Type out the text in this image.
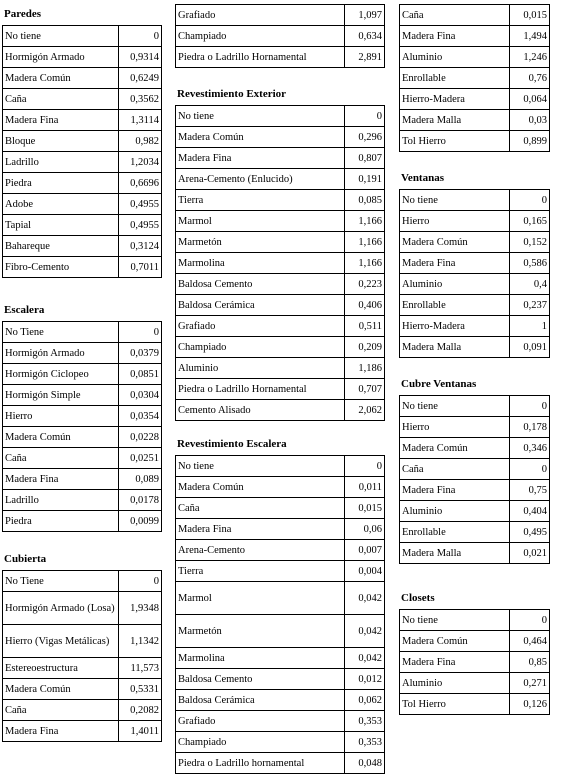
Paredes
No tiene	0
Hormigón Armado	0,9314
Madera Común	0,6249
Caña	0,3562
Madera Fina	1,3114
Bloque	0,982
Ladrillo	1,2034
Piedra	0,6696
Adobe	0,4955
Tapial	0,4955
Bahareque	0,3124
Fibro-Cemento	0,7011
Escalera
No Tiene	0
Hormigón Armado	0,0379
Hormigón Ciclopeo	0,0851
Hormigón Simple	0,0304
Hierro	0,0354
Madera Común	0,0228
Caña	0,0251
Madera Fina	0,089
Ladrillo	0,0178
Piedra	0,0099
Cubierta
No Tiene	0
Hormigón Armado (Losa)	1,9348
Hierro (Vigas Metálicas)	1,1342
Estereoestructura	11,573
Madera Común	0,5331
Caña	0,2082
Madera Fina	1,4011
Grafiado	1,097
Champiado	0,634
Piedra o Ladrillo Hornamental	2,891
Revestimiento Exterior
No tiene	0
Madera Común	0,296
Madera Fina	0,807
Arena-Cemento (Enlucido)	0,191
Tierra	0,085
Marmol	1,166
Marmetón	1,166
Marmolina	1,166
Baldosa Cemento	0,223
Baldosa Cerámica	0,406
Grafiado	0,511
Champiado	0,209
Aluminio	1,186
Piedra o Ladrillo Hornamental	0,707
Cemento Alisado	2,062
Revestimiento Escalera
No tiene	0
Madera Común	0,011
Caña	0,015
Madera Fina	0,06
Arena-Cemento	0,007
Tierra	0,004
Marmol	0,042
Marmetón	0,042
Marmolina	0,042
Baldosa Cemento	0,012
Baldosa Cerámica	0,062
Grafiado	0,353
Champiado	0,353
Piedra o Ladrillo hornamental	0,048
Caña	0,015
Madera Fina	1,494
Aluminio	1,246
Enrollable	0,76
Hierro-Madera	0,064
Madera Malla	0,03
Tol Hierro	0,899
Ventanas
No tiene	0
Hierro	0,165
Madera Común	0,152
Madera Fina	0,586
Aluminio	0,4
Enrollable	0,237
Hierro-Madera	1
Madera Malla	0,091
Cubre Ventanas
No tiene	0
Hierro	0,178
Madera Común	0,346
Caña	0
Madera Fina	0,75
Aluminio	0,404
Enrollable	0,495
Madera Malla	0,021
Closets
No tiene	0
Madera Común	0,464
Madera Fina	0,85
Aluminio	0,271
Tol Hierro	0,126
